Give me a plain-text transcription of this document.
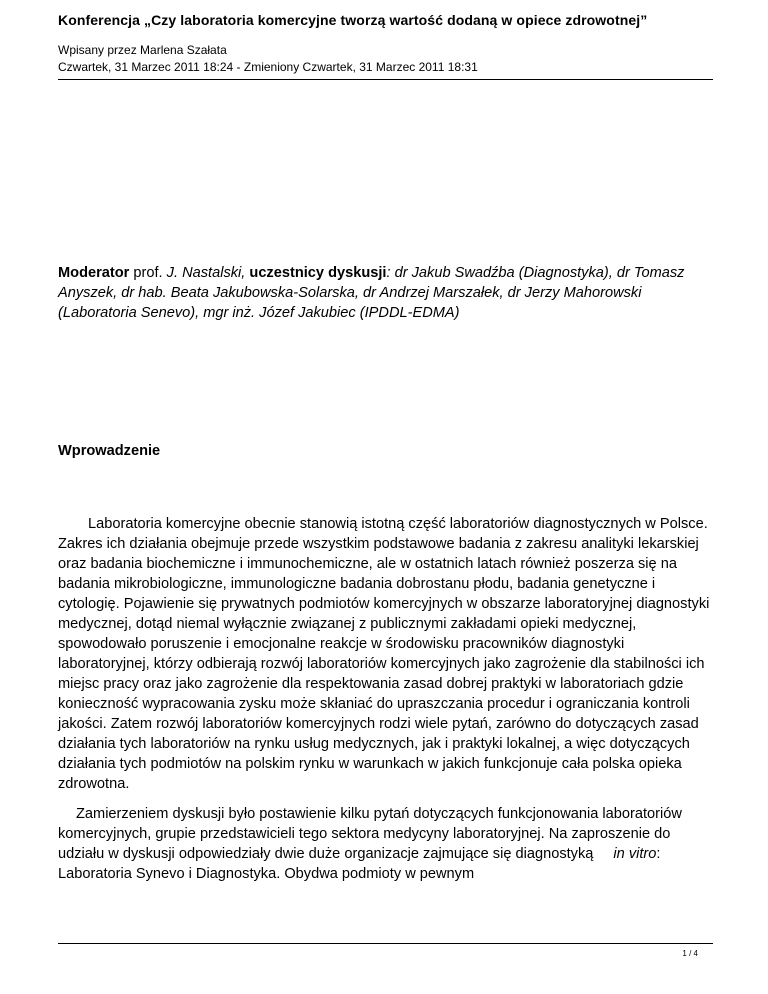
Konferencja „Czy laboratoria komercyjne tworzą wartość dodaną w opiece zdrowotnej”
Wpisany przez Marlena Szałata
Czwartek, 31 Marzec 2011 18:24 - Zmieniony Czwartek, 31 Marzec 2011 18:31
Moderator prof. J. Nastalski, uczestnicy dyskusji: dr Jakub Swadźba (Diagnostyka), dr Tomasz Anyszek, dr hab. Beata Jakubowska-Solarska, dr Andrzej Marszałek, dr Jerzy Mahorowski (Laboratoria Senevo), mgr inż. Józef Jakubiec (IPDDL-EDMA)
Wprowadzenie
Laboratoria komercyjne obecnie stanowią istotną część laboratoriów diagnostycznych w Polsce. Zakres ich działania obejmuje przede wszystkim podstawowe badania z zakresu analityki lekarskiej oraz badania biochemiczne i immunochemiczne, ale w ostatnich latach również poszerza się na badania mikrobiologiczne, immunologiczne badania dobrostanu płodu, badania genetyczne i cytologię. Pojawienie się prywatnych podmiotów komercyjnych w obszarze laboratoryjnej diagnostyki medycznej, dotąd niemal wyłącznie związanej z publicznymi zakładami opieki medycznej, spowodowało poruszenie i emocjonalne reakcje w środowisku pracowników diagnostyki laboratoryjnej, którzy odbierają rozwój laboratoriów komercyjnych jako zagrożenie dla stabilności ich miejsc pracy oraz jako zagrożenie dla respektowania zasad dobrej praktyki w laboratoriach gdzie konieczność wypracowania zysku może skłaniać do upraszczania procedur i ograniczania kontroli jakości. Zatem rozwój laboratoriów komercyjnych rodzi wiele pytań, zarówno do dotyczących zasad działania tych laboratoriów na rynku usług medycznych, jak i praktyki lokalnej, a więc dotyczących działania tych podmiotów na polskim rynku w warunkach w jakich funkcjonuje cała polska opieka zdrowotna.
Zamierzeniem dyskusji było postawienie kilku pytań dotyczących funkcjonowania laboratoriów komercyjnych, grupie przedstawicieli tego sektora medycyny laboratoryjnej. Na zaproszenie do udziału w dyskusji odpowiedziały dwie duże organizacje zajmujące się diagnostyką in vitro: Laboratoria Synevo i Diagnostyka. Obydwa podmioty w pewnym
1 / 4
